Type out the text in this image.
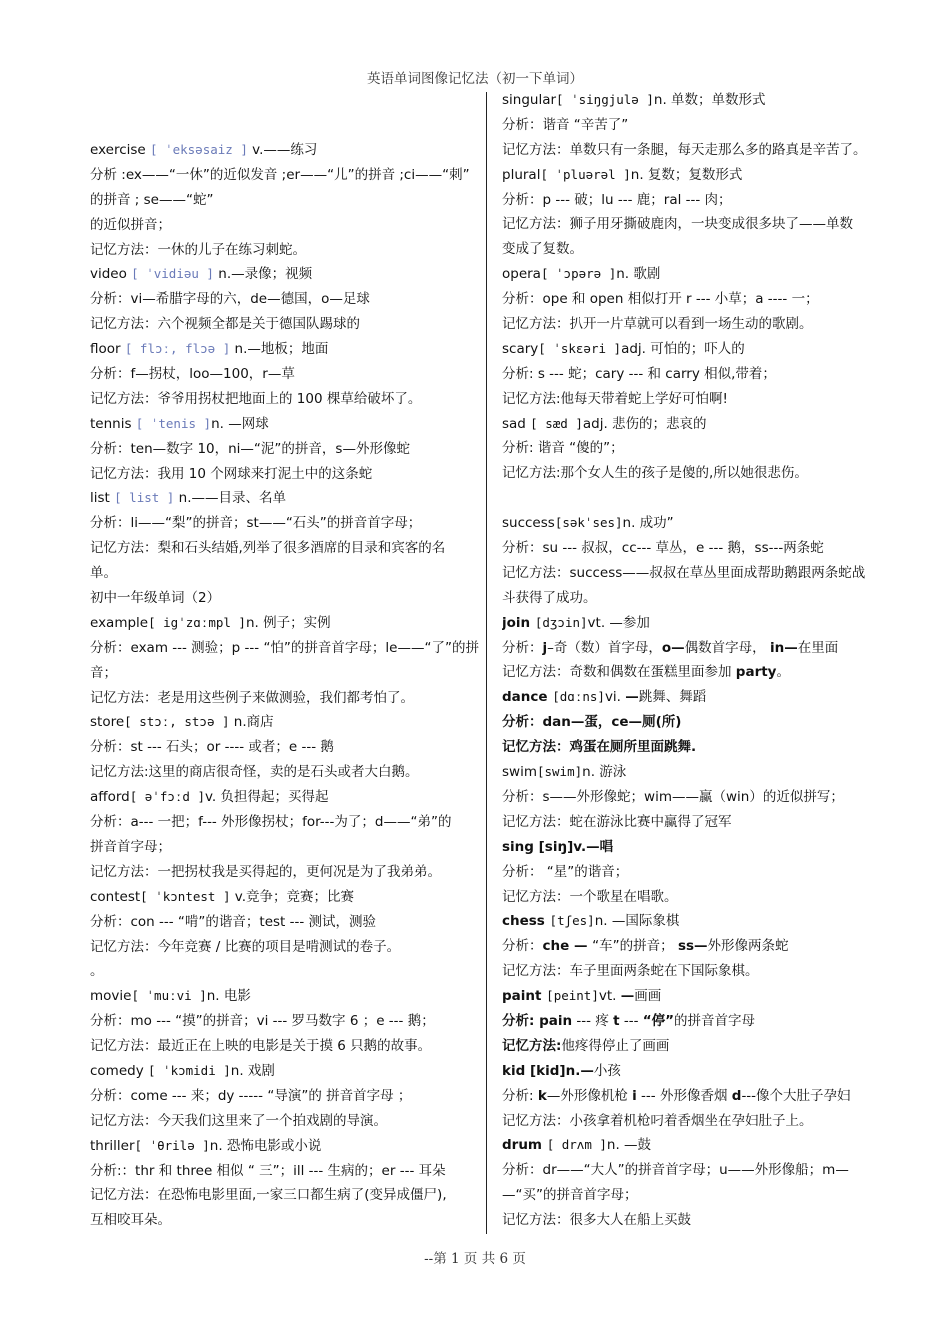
英语单词图像记忆法（初一下单词）
exercise [ ˈeksəsaiz ] v.——练习
分析 :ex——“一休”的近似发音 ;er——“儿”的拼音 ;ci——“刺”
的拼音 ; se——“蛇”
的近似拼音；
记忆方法：一休的儿子在练习刺蛇。
video [ ˈvidiəu ] n.—录像；视频
分析：vi—希腊字母的六，de—德国，o—足球
记忆方法：六个视频全都是关于德国队踢球的
floor [ flɔː, flɔə ] n.—地板；地面
分析：f—拐杖，loo—100，r—草
记忆方法：爷爷用拐杖把地面上的 100 棵草给破坏了。
tennis [ ˈtenis ]n. —网球
分析：ten—数字 10，ni—“泥”的拼音，s—外形像蛇
记忆方法：我用 10 个网球来打泥土中的这条蛇
list [ list ] n.——目录、名单
分析：li——“梨”的拼音；st——“石头”的拼音首字母；
记忆方法：梨和石头结婚,列举了很多酒席的目录和宾客的名
单。
初中一年级单词（2）
example[ igˈzɑːmpl ]n. 例子；实例
分析：exam --- 测验；p --- “怕”的拼音首字母；le——“了”的拼
音；
记忆方法：老是用这些例子来做测验，我们都考怕了。
store[ stɔː, stɔə ] n.商店
分析：st --- 石头；or ---- 或者；e --- 鹅
记忆方法:这里的商店很奇怪，卖的是石头或者大白鹅。
afford[ əˈfɔːd ]v. 负担得起；买得起
分析：a--- 一把；f--- 外形像拐杖；for---为了；d——“弟”的
拼音首字母；
记忆方法：一把拐杖我是买得起的，更何况是为了我弟弟。
contest[ ˈkɔntest ] v.竞争；竞赛；比赛
分析：con --- “啃”的谐音；test --- 测试，测验
记忆方法：今年竞赛 / 比赛的项目是啃测试的卷子。
。
movie[ ˈmuːvi ]n. 电影
分析：mo --- “摸”的拼音；vi --- 罗马数字 6 ；e --- 鹅；
记忆方法：最近正在上映的电影是关于摸 6 只鹅的故事。
comedy [ ˈkɔmidi ]n. 戏剧
分析：come --- 来；dy ----- “导演”的 拼音首字母 ；
记忆方法：今天我们这里来了一个拍戏剧的导演。
thriller[ ˈθrilə ]n. 恐怖电影或小说
分析:：thr 和 three 相似 “ 三”；ill --- 生病的；er --- 耳朵
记忆方法：在恐怖电影里面,一家三口都生病了(变异成僵尸),
互相咬耳朵。
singular[ ˈsiŋgjulə ]n. 单数；单数形式
分析：谐音 “辛苦了”
记忆方法：单数只有一条腿，每天走那么多的路真是辛苦了。
plural[ ˈpluərəl ]n. 复数；复数形式
分析：p --- 破；lu --- 鹿；ral --- 肉；
记忆方法：狮子用牙撕破鹿肉，一块变成很多块了——单数
变成了复数。
opera[ ˈɔpərə ]n. 歌剧
分析：ope 和 open 相似打开 r --- 小草；a ---- 一；
记忆方法：扒开一片草就可以看到一场生动的歌剧。
scary[ ˈskɛəri ]adj. 可怕的；吓人的
分析: s --- 蛇；cary --- 和 carry 相似,带着；
记忆方法:他每天带着蛇上学好可怕啊!
sad [ sæd ]adj. 悲伤的；悲哀的
分析: 谐音 “傻的”；
记忆方法:那个女人生的孩子是傻的,所以她很悲伤。
success[səkˈses]n. 成功”
分析：su --- 叔叔，cc--- 草丛，e --- 鹅，ss---两条蛇
记忆方法：success——叔叔在草丛里面成帮助鹅跟两条蛇战
斗获得了成功。
join [dʒɔin]vt. —参加
分析：j–奇（数）首字母，o—偶数首字母， in—在里面
记忆方法：奇数和偶数在蛋糕里面参加 party。
dance [dɑːns]vi. —跳舞、舞蹈
分析：dan—蛋，ce—厕(所)
记忆方法：鸡蛋在厕所里面跳舞.
swim[swim]n. 游泳
分析：s——外形像蛇；wim——赢（win）的近似拼写；
记忆方法：蛇在游泳比赛中赢得了冠军
sing [siŋ]v.—唱
分析： “星”的谐音；
记忆方法：一个歌星在唱歌。
chess [tʃes]n. —国际象棋
分析：che — “车”的拼音； ss—外形像两条蛇
记忆方法：车子里面两条蛇在下国际象棋。
paint [peint]vt. —画画
分析: pain --- 疼 t --- “停”的拼音首字母
记忆方法:他疼得停止了画画
kid [kid]n.—小孩
分析: k—外形像机枪 i --- 外形像香烟 d---像个大肚子孕妇
记忆方法：小孩拿着机枪叼着香烟坐在孕妇肚子上。
drum [ drʌm ]n. —鼓
分析：dr——“大人”的拼音首字母；u——外形像船；m—
—“买”的拼音首字母；
记忆方法：很多大人在船上买鼓
--第 1 页 共 6 页
